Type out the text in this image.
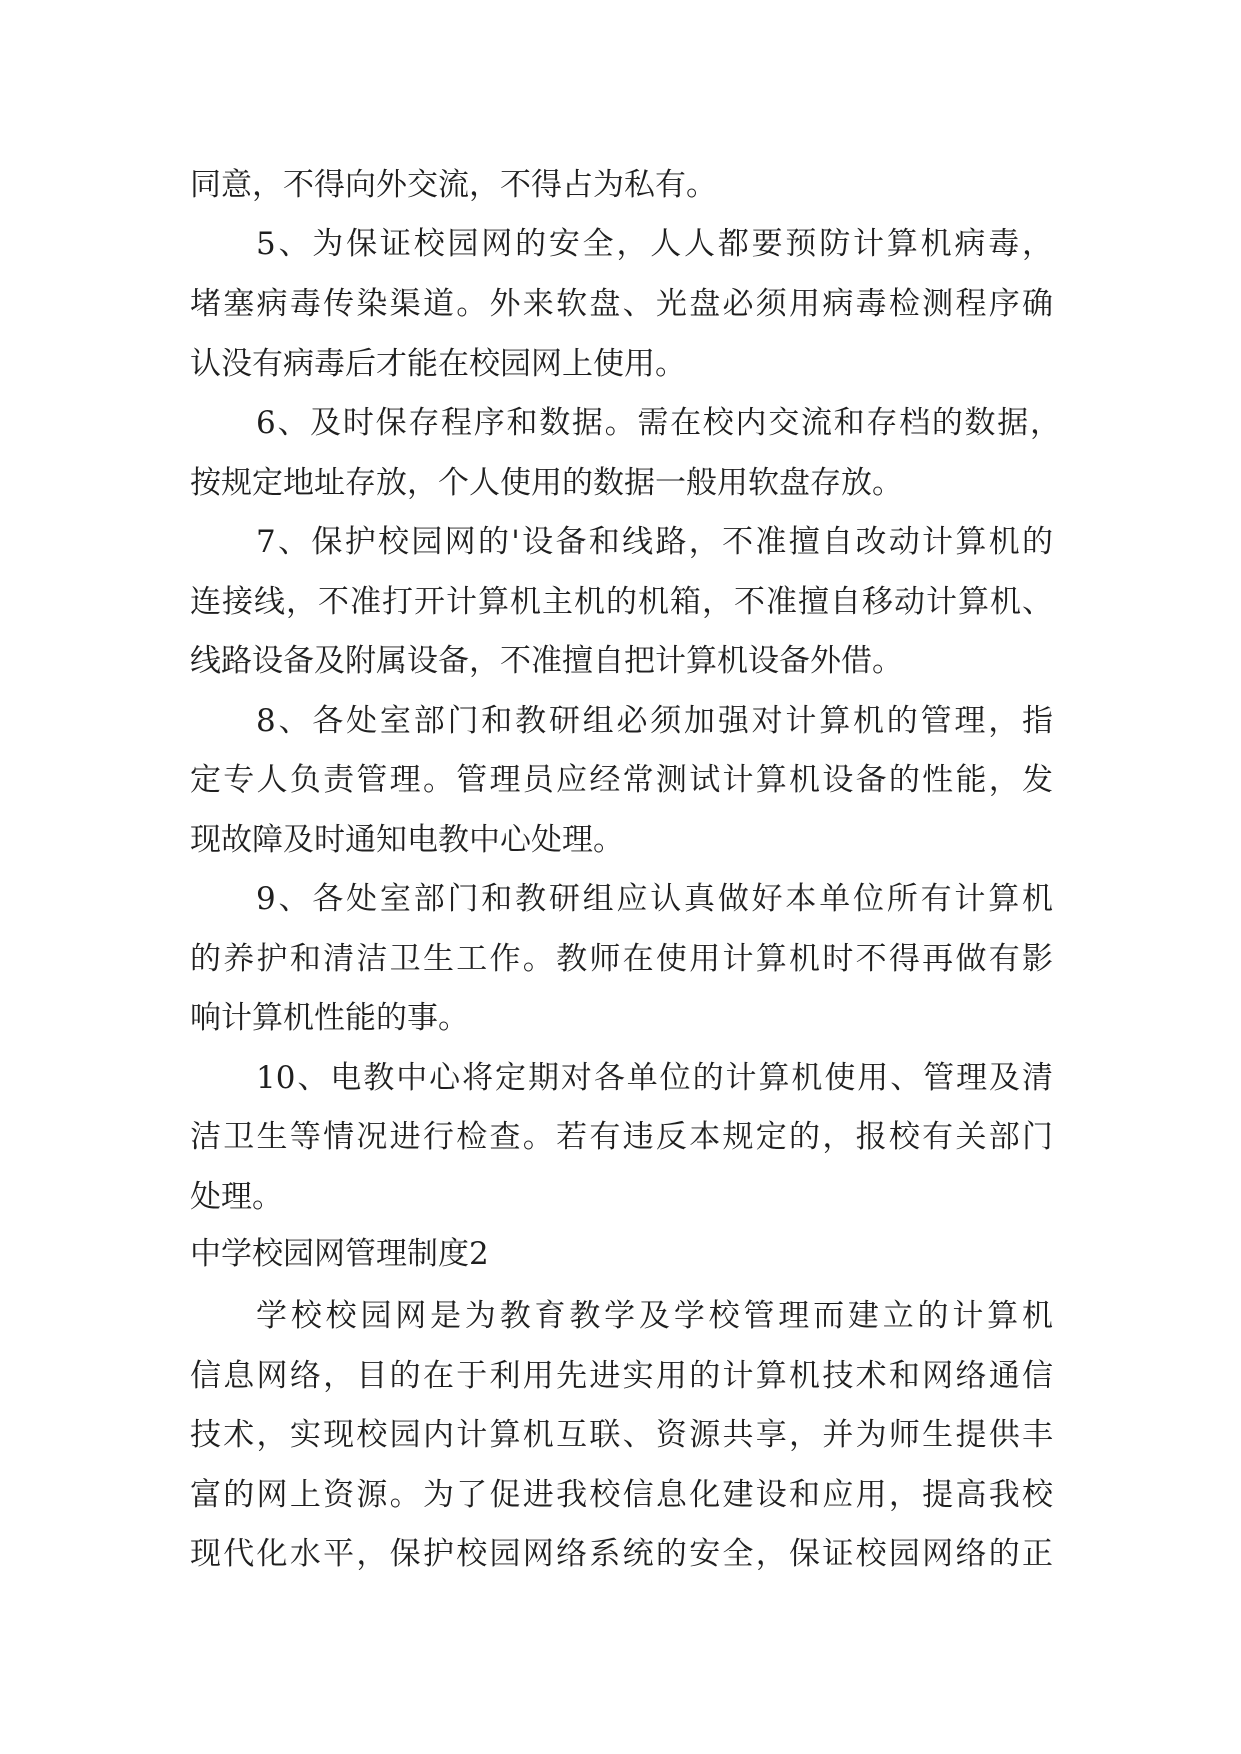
同意，不得向外交流，不得占为私有。

5、为保证校园网的安全，人人都要预防计算机病毒，

堵塞病毒传染渠道。外来软盘、光盘必须用病毒检测程序确

认没有病毒后才能在校园网上使用。

6、及时保存程序和数据。需在校内交流和存档的数据，

按规定地址存放，个人使用的数据一般用软盘存放。

7、保护校园网的'设备和线路，不准擅自改动计算机的

连接线，不准打开计算机主机的机箱，不准擅自移动计算机、

线路设备及附属设备，不准擅自把计算机设备外借。

8、各处室部门和教研组必须加强对计算机的管理，指

定专人负责管理。管理员应经常测试计算机设备的性能，发

现故障及时通知电教中心处理。

9、各处室部门和教研组应认真做好本单位所有计算机

的养护和清洁卫生工作。教师在使用计算机时不得再做有影

响计算机性能的事。

10、电教中心将定期对各单位的计算机使用、管理及清

洁卫生等情况进行检查。若有违反本规定的，报校有关部门

处理。

中学校园网管理制度2

学校校园网是为教育教学及学校管理而建立的计算机

信息网络，目的在于利用先进实用的计算机技术和网络通信

技术，实现校园内计算机互联、资源共享，并为师生提供丰

富的网上资源。为了促进我校信息化建设和应用，提高我校

现代化水平，保护校园网络系统的安全，保证校园网络的正
